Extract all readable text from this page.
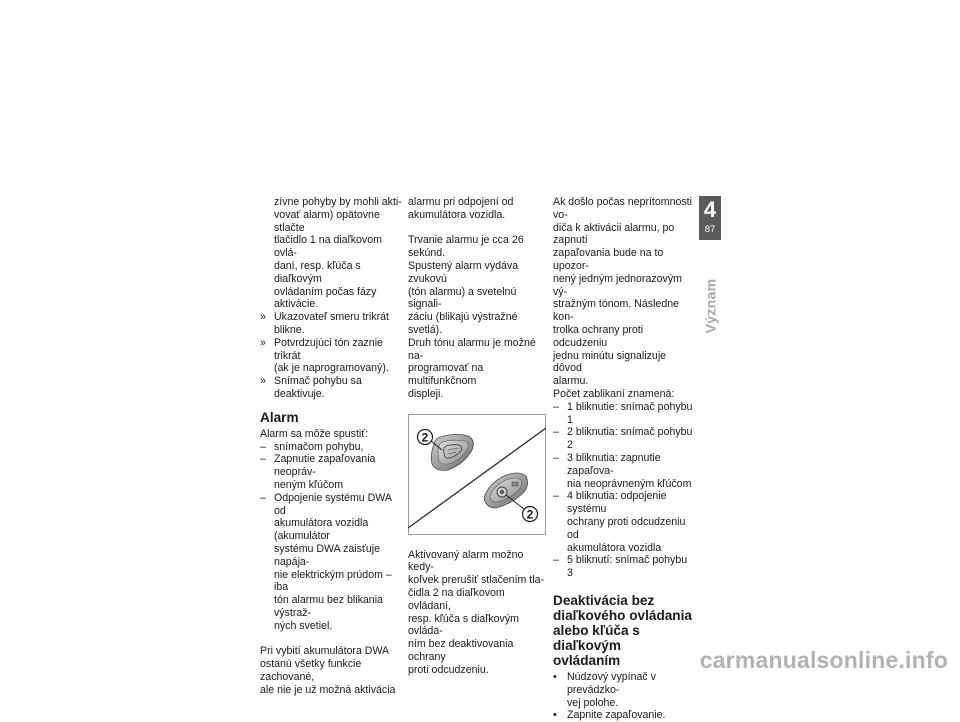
zívne pohyby by mohli akti-

vovať alarm) opätovne stlačte

tlačidlo 1 na diaľkovom ovlá-

daní, resp. kľúča s diaľkovým

ovládaním počas fázy aktivácie.

» Ukazovateľ smeru trikrát blikne.

» Potvrdzujúci tón zaznie trikrát

(ak je naprogramovaný).

» Snímač pohybu sa deaktivuje.

Alarm

Alarm sa môže spustiť:

– snímačom pohybu,

– Zapnutie zapaľovania neopráv-

neným kľúčom

– Odpojenie systému DWA od

akumulátora vozidla (akumulátor

systému DWA zaisťuje napája-

nie elektrickým prúdom – iba

tón alarmu bez blikania výstraž-

ných svetiel.

Pri vybití akumulátora DWA

ostanú všetky funkcie zachované,

ale nie je už možná aktivácia

alarmu pri odpojení od

akumulátora vozidla.

Trvanie alarmu je cca 26 sekúnd.

Spustený alarm vydáva zvukovú

(tón alarmu) a svetelnú signali-

záciu (blikajú výstražné svetlá).

Druh tónu alarmu je možné na-

programovať na multifunkčnom

displeji.

2
2

Aktivovaný alarm možno kedy-

koľvek prerušiť stlačením tla-

čidla 2 na diaľkovom ovládaní,

resp. kľúča s diaľkovým ovláda-

ním bez deaktivovania ochrany

proti odcudzeniu.

Ak došlo počas neprítomnosti vo-

diča k aktivácii alarmu, po zapnutí

zapaľovania bude na to upozor-

nený jedným jednorazovým vý-

stražným tónom. Následne kon-

trolka ochrany proti odcudzeniu

jednu minútu signalizuje dôvod

alarmu.

Počet zablikaní znamená:

– 1 bliknutie: snímač pohybu 1

– 2 bliknutia: snímač pohybu 2

– 3 bliknutia: zapnutie zapaľova-

nia neoprávneným kľúčom

– 4 bliknutia: odpojenie systému

ochrany proti odcudzeniu od

akumulátora vozidla

– 5 bliknutí: snímač pohybu 3

Deaktivácia bez
diaľkového ovládania
alebo kľúča s diaľkovým
ovládaním
• Núdzový vypínač v prevádzko-

vej polohe.

• Zapnite zapaľovanie.

4
87
Význam
carmanualsonline.info
